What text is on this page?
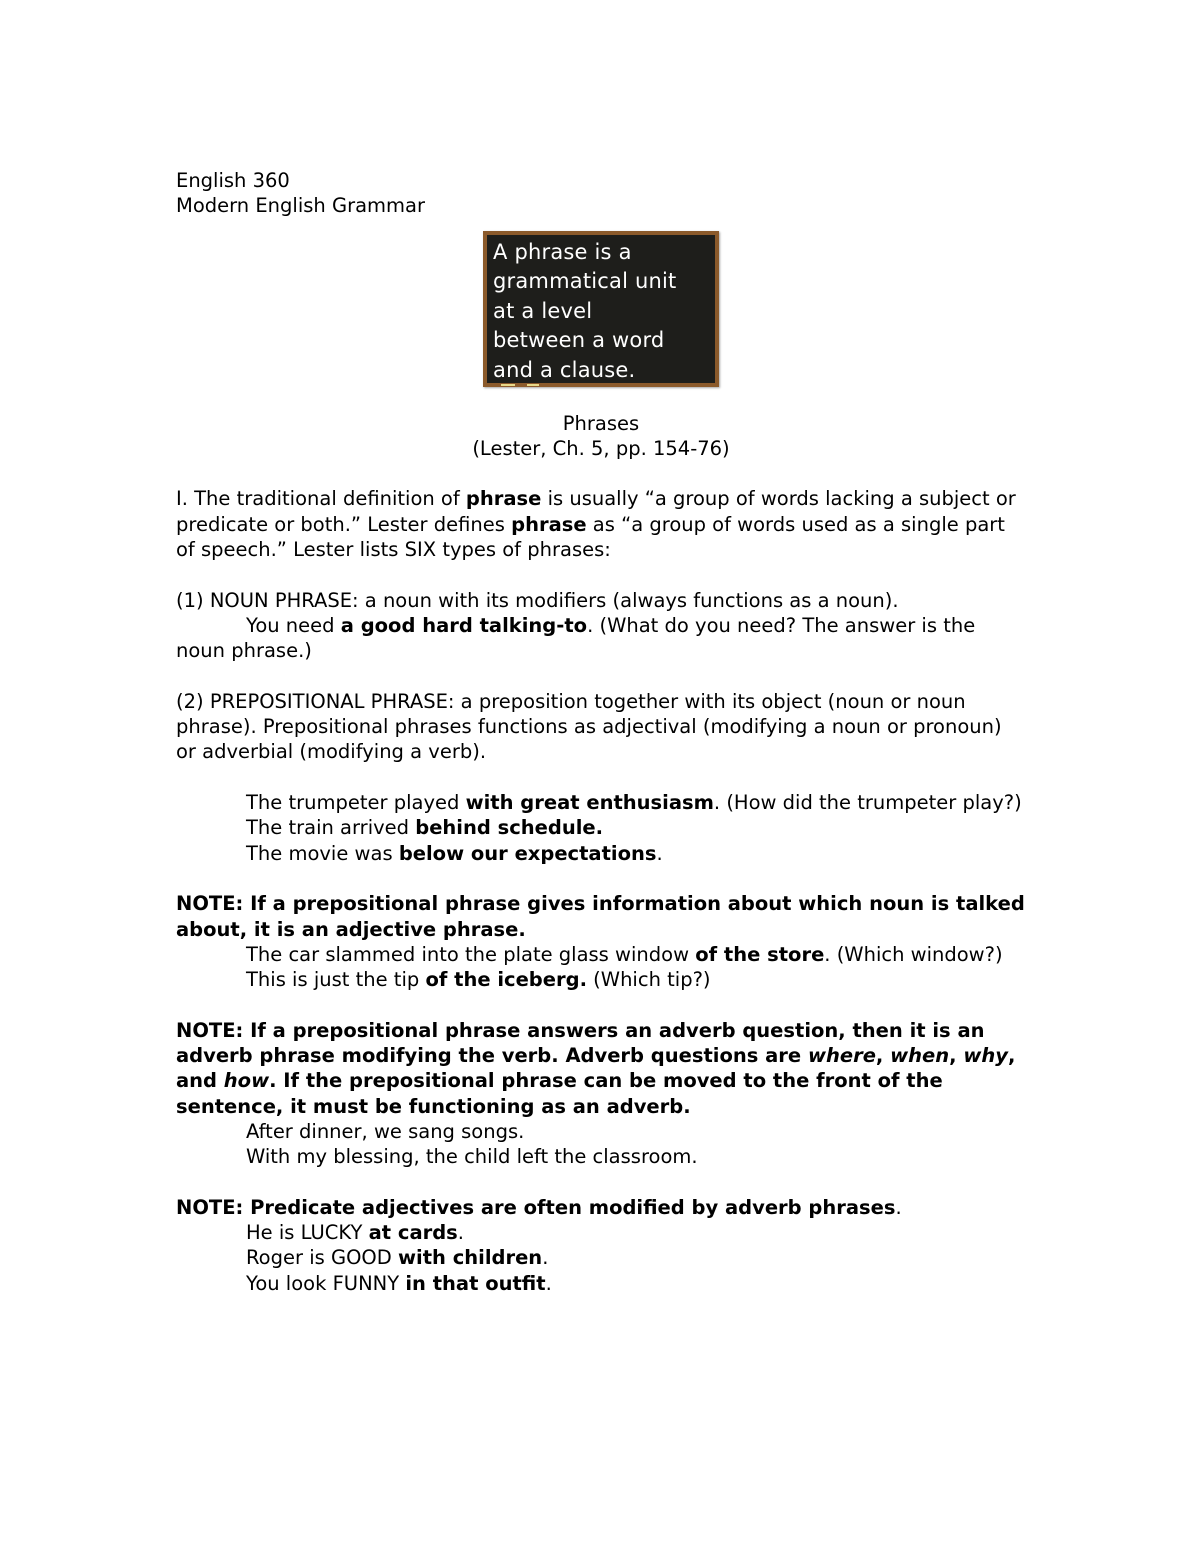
English 360

Modern English Grammar

A phrase is a
grammatical unit
at a level
between a word
and a clause.

Phrases

(Lester, Ch. 5, pp. 154-76)

I. The traditional definition of phrase is usually “a group of words lacking a subject or predicate or both.” Lester defines phrase as “a group of words used as a single part of speech.” Lester lists SIX types of phrases:

(1) NOUN PHRASE: a noun with its modifiers (always functions as a noun).

You need a good hard talking-to. (What do you need? The answer is the noun phrase.)

(2) PREPOSITIONAL PHRASE: a preposition together with its object (noun or noun phrase). Prepositional phrases functions as adjectival (modifying a noun or pronoun) or adverbial (modifying a verb).

The trumpeter played with great enthusiasm. (How did the trumpeter play?)

The train arrived behind schedule.

The movie was below our expectations.

NOTE: If a prepositional phrase gives information about which noun is talked about, it is an adjective phrase.

The car slammed into the plate glass window of the store. (Which window?)

This is just the tip of the iceberg. (Which tip?)

NOTE: If a prepositional phrase answers an adverb question, then it is an adverb phrase modifying the verb. Adverb questions are where, when, why, and how. If the prepositional phrase can be moved to the front of the sentence, it must be functioning as an adverb.

After dinner, we sang songs.

With my blessing, the child left the classroom.

NOTE: Predicate adjectives are often modified by adverb phrases.

He is LUCKY at cards.

Roger is GOOD with children.

You look FUNNY in that outfit.
